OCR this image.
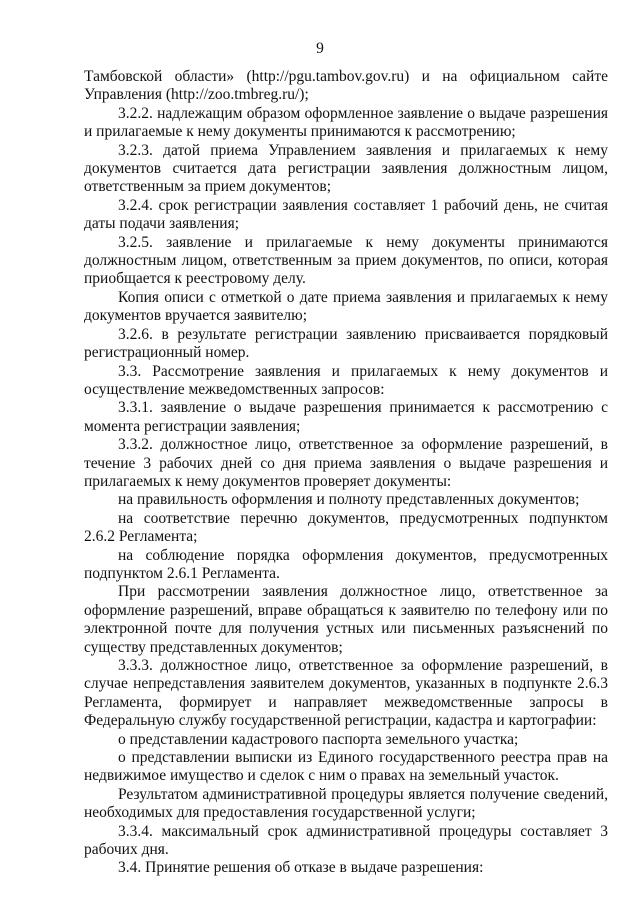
9

Тамбовской области» (http://pgu.tambov.gov.ru) и на официальном сайте Управления (http://zoo.tmbreg.ru/);

3.2.2. надлежащим образом оформленное заявление о выдаче разрешения и прилагаемые к нему документы принимаются к рассмотрению;

3.2.3. датой приема Управлением заявления и прилагаемых к нему документов считается дата регистрации заявления должностным лицом, ответственным за прием документов;

3.2.4. срок регистрации заявления составляет 1 рабочий день, не считая даты подачи заявления;

3.2.5. заявление и прилагаемые к нему документы принимаются должностным лицом, ответственным за прием документов, по описи, которая приобщается к реестровому делу.

Копия описи с отметкой о дате приема заявления и прилагаемых к нему документов вручается заявителю;

3.2.6. в результате регистрации заявлению присваивается порядковый регистрационный номер.

3.3. Рассмотрение заявления и прилагаемых к нему документов и осуществление межведомственных запросов:

3.3.1. заявление о выдаче разрешения принимается к рассмотрению с момента регистрации заявления;

3.3.2. должностное лицо, ответственное за оформление разрешений, в течение 3 рабочих дней со дня приема заявления о выдаче разрешения и прилагаемых к нему документов проверяет документы:

на правильность оформления и полноту представленных документов;

на соответствие перечню документов, предусмотренных подпунктом 2.6.2 Регламента;

на соблюдение порядка оформления документов, предусмотренных подпунктом 2.6.1 Регламента.

При рассмотрении заявления должностное лицо, ответственное за оформление разрешений, вправе обращаться к заявителю по телефону или по электронной почте для получения устных или письменных разъяснений по существу представленных документов;

3.3.3. должностное лицо, ответственное за оформление разрешений, в случае непредставления заявителем документов, указанных в подпункте 2.6.3 Регламента, формирует и направляет межведомственные запросы в Федеральную службу государственной регистрации, кадастра и картографии:

о представлении кадастрового паспорта земельного участка;

о представлении выписки из Единого государственного реестра прав на недвижимое имущество и сделок с ним о правах на земельный участок.

Результатом административной процедуры является получение сведений, необходимых для предоставления государственной услуги;

3.3.4. максимальный срок административной процедуры составляет 3 рабочих дня.

3.4. Принятие решения об отказе в выдаче разрешения:
